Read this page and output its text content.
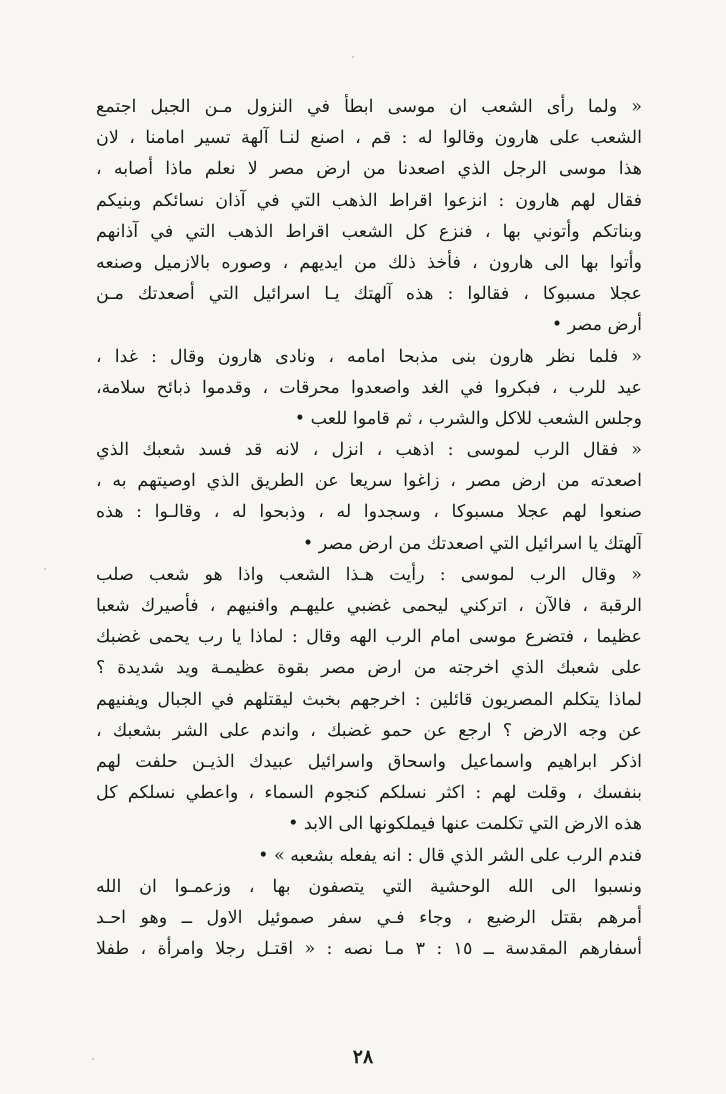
« ولما رأى الشعب ان موسى ابطأ في النزول مـن الجبل اجتمع
الشعب على هارون وقالوا له : قم ، اصنع لنـا آلهة تسير امامنا ، لان
هذا موسى الرجل الذي اصعدنا من ارض مصر لا نعلم ماذا أصابه ،
فقال لهم هارون : انزعوا اقراط الذهب التي في آذان نسائكم وبنيكم
وبناتكم وأتوني بها ، فنزع كل الشعب اقراط الذهب التي في آذانهم
وأتوا بها الى هارون ، فأخذ ذلك من ايديهم ، وصوره بالازميل وصنعه
عجلا مسبوكا ، فقالوا : هذه آلهتك يـا اسرائيل التي أصعدتك مـن
أرض مصر •
« فلما نظر هارون بنى مذبحا امامه ، ونادى هارون وقال : غدا ،
عيد للرب ، فبكروا في الغد واصعدوا محرقات ، وقدموا ذبائح سلامة،
وجلس الشعب للاكل والشرب ، ثم قاموا للعب •
« فقال الرب لموسى : اذهب ، انزل ، لانه قد فسد شعبك الذي
اصعدته من ارض مصر ، زاغوا سريعا عن الطريق الذي اوصيتهم به ،
صنعوا لهم عجلا مسبوكا ، وسجدوا له ، وذبحوا له ، وقالـوا : هذه
آلهتك يا اسرائيل التي اصعدتك من ارض مصر •
« وقال الرب لموسى : رأيت هـذا الشعب واذا هو شعب صلب
الرقبة ، فالآن ، اتركني ليحمى غضبي عليهـم وافنيهم ، فأصيرك شعبا
عظيما ، فتضرع موسى امام الرب الهه وقال : لماذا يا رب يحمى غضبك
على شعبك الذي اخرجته من ارض مصر بقوة عظيمـة ويد شديدة ؟
لماذا يتكلم المصريون قائلين : اخرجهم بخبث ليقتلهم في الجبال ويفنيهم
عن وجه الارض ؟ ارجع عن حمو غضبك ، واندم على الشر بشعبك ،
اذكر ابراهيم واسماعيل واسحاق واسرائيل عبيدك الذيـن حلفت لهم
بنفسك ، وقلت لهم : اكثر نسلكم كنجوم السماء ، واعطي نسلكم كل
هذه الارض التي تكلمت عنها فيملكونها الى الابد •
فندم الرب على الشر الذي قال : انه يفعله بشعبه » •
ونسبوا الى الله الوحشية التي يتصفون بها ، وزعمـوا ان الله
أمرهم بقتل الرضيع ، وجاء فـي سفر صموئيل الاول ــ وهو احـد
أسفارهم المقدسة ــ ١٥ : ٣ مـا نصه : « اقتـل رجلا وامرأة ، طفلا
٢٨
